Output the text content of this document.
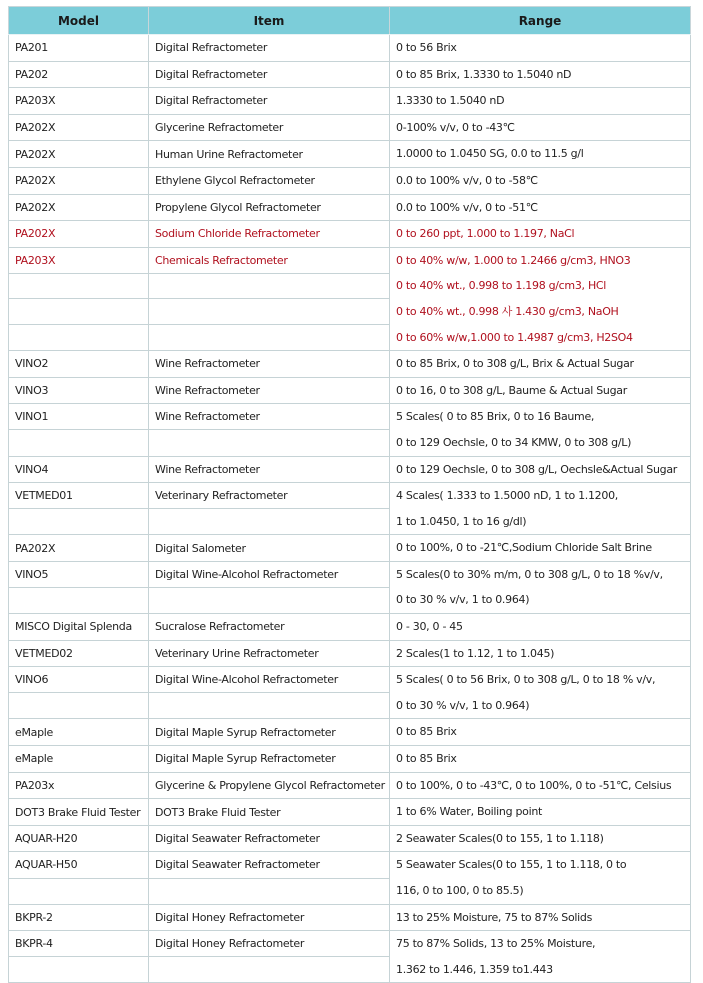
Model	Item	Range
PA201	Digital Refractometer	0 to 56 Brix

PA202	Digital Refractometer	0 to 85 Brix, 1.3330 to 1.5040 nD

PA203X	Digital Refractometer	1.3330 to 1.5040 nD

PA202X	Glycerine Refractometer	0-100% v/v, 0 to -43℃

PA202X	Human Urine Refractometer	1.0000 to 1.0450 SG, 0.0 to 11.5 g/l

PA202X	Ethylene Glycol Refractometer	0.0 to 100% v/v, 0 to -58℃

PA202X	Propylene Glycol Refractometer	0.0 to 100% v/v, 0 to -51℃

PA202X	Sodium Chloride Refractometer	0 to 260 ppt, 1.000 to 1.197, NaCl

PA203X	Chemicals Refractometer	0 to 40% w/w, 1.000 to 1.2466 g/cm3, HNO3
0 to 40% wt., 0.998 to 1.198 g/cm3, HCl
0 to 40% wt., 0.998 사 1.430 g/cm3, NaOH
0 to 60% w/w,1.000 to 1.4987 g/cm3, H2SO4

VINO2	Wine Refractometer	0 to 85 Brix, 0 to 308 g/L, Brix & Actual Sugar

VINO3	Wine Refractometer	0 to 16, 0 to 308 g/L, Baume & Actual Sugar

VINO1	Wine Refractometer	5 Scales( 0 to 85 Brix, 0 to 16 Baume,
0 to 129 Oechsle, 0 to 34 KMW, 0 to 308 g/L)

VINO4	Wine Refractometer	0 to 129 Oechsle, 0 to 308 g/L, Oechsle&Actual Sugar

VETMED01	Veterinary Refractometer	4 Scales( 1.333 to 1.5000 nD, 1 to 1.1200,
1 to 1.0450, 1 to 16 g/dl)

PA202X	Digital Salometer	0 to 100%, 0 to -21℃,Sodium Chloride Salt Brine

VINO5	Digital Wine-Alcohol Refractometer	5 Scales(0 to 30% m/m, 0 to 308 g/L, 0 to 18 %v/v,
0 to 30 % v/v, 1 to 0.964)

MISCO Digital Splenda	Sucralose Refractometer	0 - 30, 0 - 45

VETMED02	Veterinary Urine Refractometer	2 Scales(1 to 1.12, 1 to 1.045)

VINO6	Digital Wine-Alcohol Refractometer	5 Scales( 0 to 56 Brix, 0 to 308 g/L, 0 to 18 % v/v,
0 to 30 % v/v, 1 to 0.964)

eMaple	Digital Maple Syrup Refractometer	0 to 85 Brix

eMaple	Digital Maple Syrup Refractometer	0 to 85 Brix

PA203x	Glycerine & Propylene Glycol Refractometer	0 to 100%, 0 to -43℃, 0 to 100%, 0 to -51℃, Celsius

DOT3 Brake Fluid Tester	DOT3 Brake Fluid Tester	1 to 6% Water, Boiling point

AQUAR-H20	Digital Seawater Refractometer	2 Seawater Scales(0 to 155, 1 to 1.118)

AQUAR-H50	Digital Seawater Refractometer	5 Seawater Scales(0 to 155, 1 to 1.118, 0 to
116, 0 to 100, 0 to 85.5)

BKPR-2	Digital Honey Refractometer	13 to 25% Moisture, 75 to 87% Solids

BKPR-4	Digital Honey Refractometer	75 to 87% Solids, 13 to 25% Moisture,
1.362 to 1.446, 1.359 to1.443
